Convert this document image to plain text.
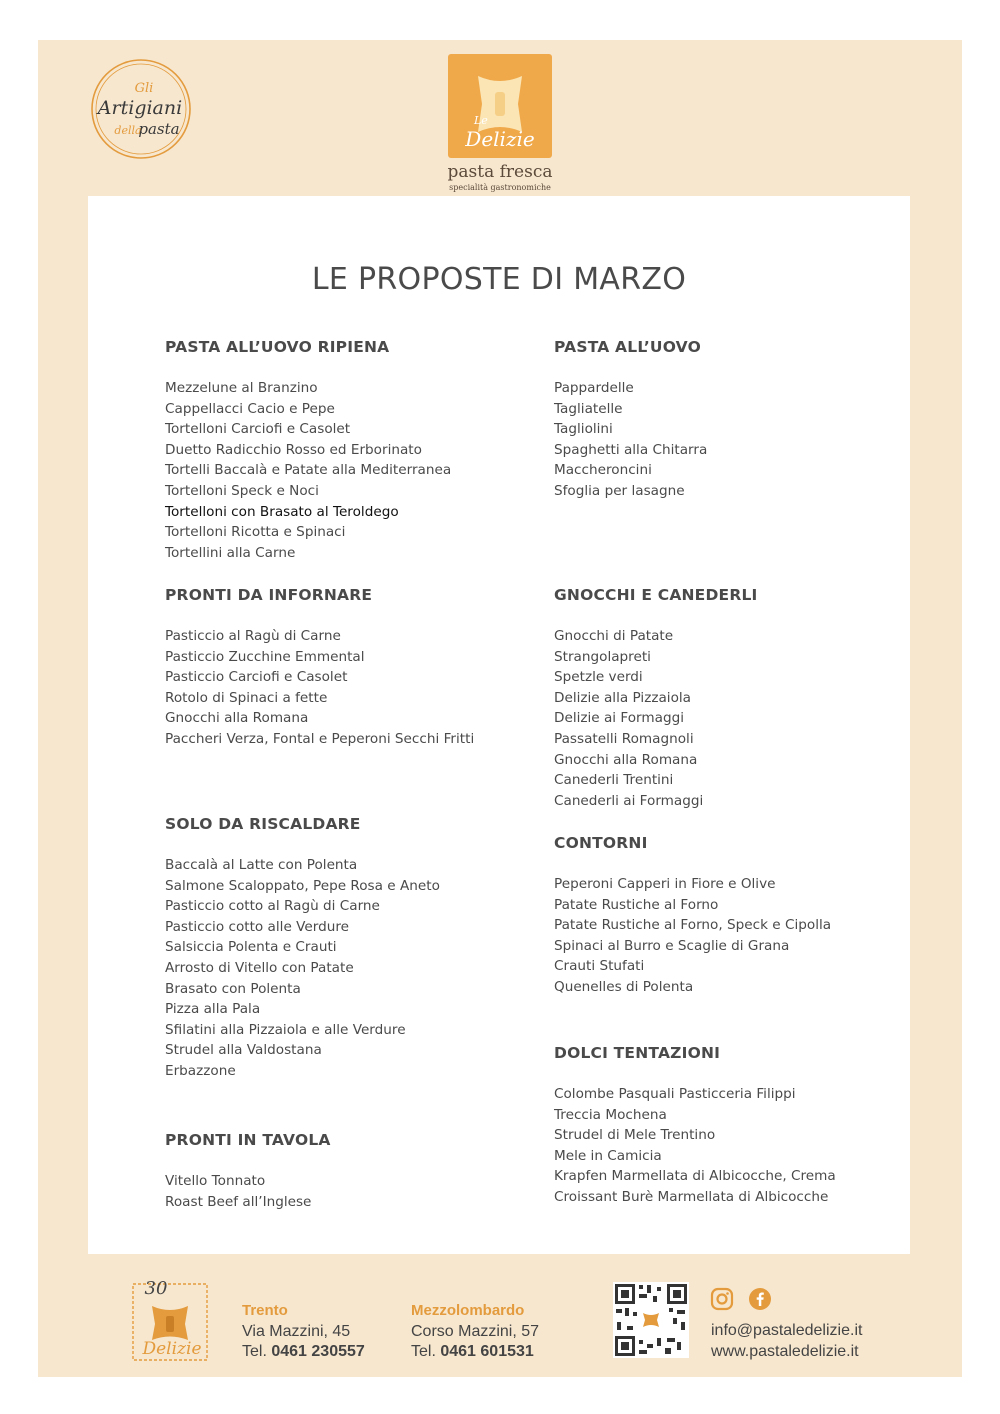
Gli
Artigiani
della
pasta	Delizie
Le
pasta fresca
specialità gastronomiche
LE PROPOSTE DI MARZO
PASTA ALL’UOVO RIPIENA
Mezzelune al Branzino
Cappellacci Cacio e Pepe
Tortelloni Carciofi e Casolet
Duetto Radicchio Rosso ed Erborinato
Tortelli Baccalà e Patate alla Mediterranea
Tortelloni Speck e Noci
Tortelloni con Brasato al Teroldego
Tortelloni Ricotta e Spinaci
Tortellini alla Carne
PRONTI DA INFORNARE
Pasticcio al Ragù di Carne
Pasticcio Zucchine Emmental
Pasticcio Carciofi e Casolet
Rotolo di Spinaci a fette
Gnocchi alla Romana
Paccheri Verza, Fontal e Peperoni Secchi Fritti
SOLO DA RISCALDARE
Baccalà al Latte con Polenta
Salmone Scaloppato, Pepe Rosa e Aneto
Pasticcio cotto al Ragù di Carne
Pasticcio cotto alle Verdure
Salsiccia Polenta e Crauti
Arrosto di Vitello con Patate
Brasato con Polenta
Pizza alla Pala
Sfilatini alla Pizzaiola e alle Verdure
Strudel alla Valdostana
Erbazzone
PRONTI IN TAVOLA
Vitello Tonnato
Roast Beef all’Inglese
PASTA ALL’UOVO
Pappardelle
Tagliatelle
Tagliolini
Spaghetti alla Chitarra
Maccheroncini
Sfoglia per lasagne
GNOCCHI E CANEDERLI
Gnocchi di Patate
Strangolapreti
Spetzle verdi
Delizie alla Pizzaiola
Delizie ai Formaggi
Passatelli Romagnoli
Gnocchi alla Romana
Canederli Trentini
Canederli ai Formaggi
CONTORNI
Peperoni Capperi in Fiore e Olive
Patate Rustiche al Forno
Patate Rustiche al Forno, Speck e Cipolla
Spinaci al Burro e Scaglie di Grana
Crauti Stufati
Quenelles di Polenta
DOLCI TENTAZIONI
Colombe Pasquali Pasticceria Filippi
Treccia Mochena
Strudel di Mele Trentino
Mele in Camicia
Krapfen Marmellata di Albicocche, Crema
Croissant Burè Marmellata di Albicocche
30
Delizie
Trento
Via Mazzini, 45
Tel. 0461 230557
Mezzolombardo
Corso Mazzini, 57
Tel. 0461 601531
info@pastaledelizie.it
www.pastaledelizie.it
